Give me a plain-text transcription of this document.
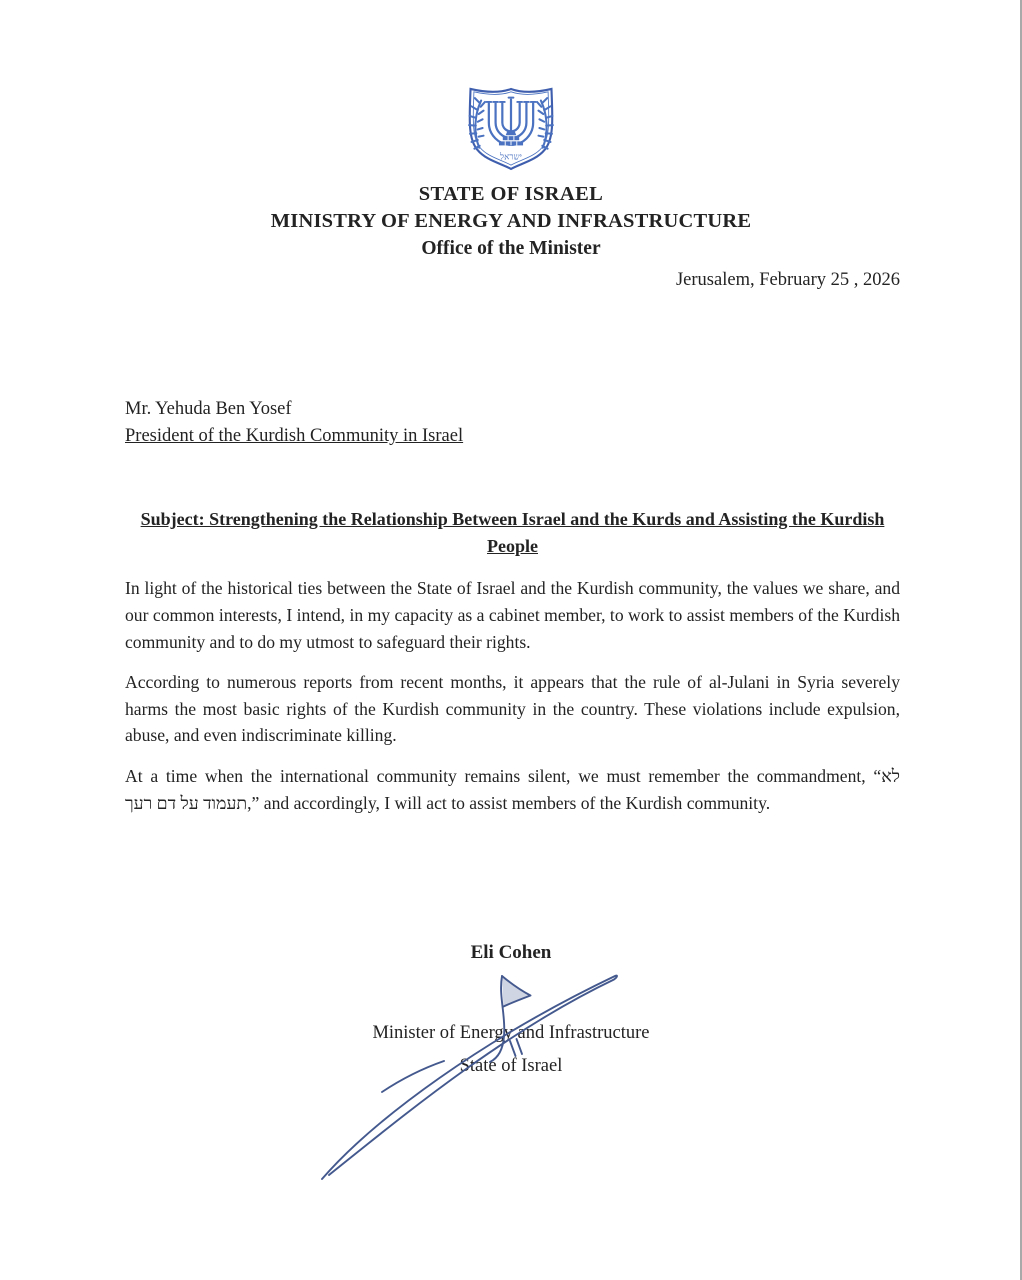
ישראל
STATE OF ISRAEL
MINISTRY OF ENERGY AND INFRASTRUCTURE
Office of the Minister
Jerusalem, February 25 , 2026
Mr. Yehuda Ben Yosef
President of the Kurdish Community in Israel
Subject: Strengthening the Relationship Between Israel and the Kurds and Assisting the Kurdish People

In light of the historical ties between the State of Israel and the Kurdish community, the values we share, and our common interests, I intend, in my capacity as a cabinet member, to work to assist members of the Kurdish community and to do my utmost to safeguard their rights.

According to numerous reports from recent months, it appears that the rule of al-Julani in Syria severely harms the most basic rights of the Kurdish community in the country. These violations include expulsion, abuse, and even indiscriminate killing.

At a time when the international community remains silent, we must remember the commandment, “לא תעמוד על דם רעך,” and accordingly, I will act to assist members of the Kurdish community.

Eli Cohen
Minister of Energy and Infrastructure
State of Israel
